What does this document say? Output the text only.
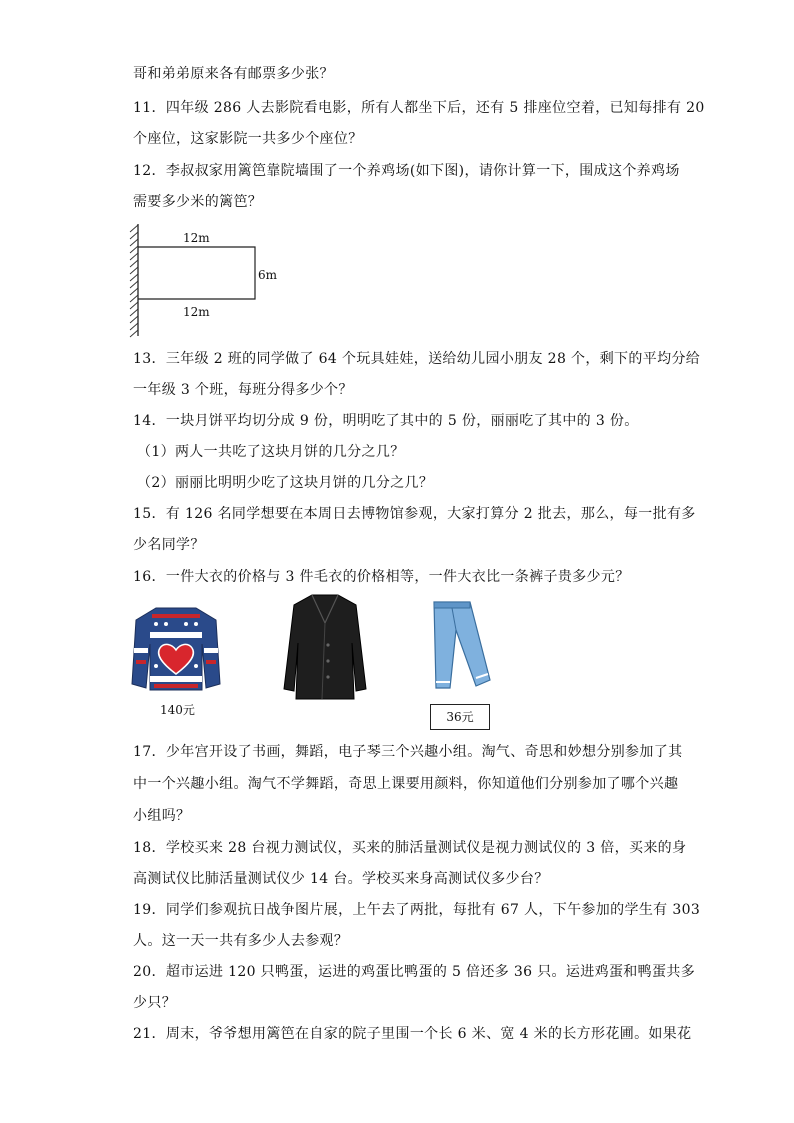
哥和弟弟原来各有邮票多少张？
11．四年级 286 人去影院看电影，所有人都坐下后，还有 5 排座位空着，已知每排有 20
个座位，这家影院一共多少个座位？
12．李叔叔家用篱笆靠院墙围了一个养鸡场(如下图)，请你计算一下，围成这个养鸡场
需要多少米的篱笆？
12m
6m
12m
13．三年级 2 班的同学做了 64 个玩具娃娃，送给幼儿园小朋友 28 个，剩下的平均分给
一年级 3 个班，每班分得多少个？
14．一块月饼平均切分成 9 份，明明吃了其中的 5 份，丽丽吃了其中的 3 份。
（1）两人一共吃了这块月饼的几分之几？
（2）丽丽比明明少吃了这块月饼的几分之几？
15．有 126 名同学想要在本周日去博物馆参观，大家打算分 2 批去，那么，每一批有多
少名同学？
16．一件大衣的价格与 3 件毛衣的价格相等，一件大衣比一条裤子贵多少元？
140元	36元
17．少年宫开设了书画，舞蹈，电子琴三个兴趣小组。淘气、奇思和妙想分别参加了其
中一个兴趣小组。淘气不学舞蹈，奇思上课要用颜料，你知道他们分别参加了哪个兴趣
小组吗？
18．学校买来 28 台视力测试仪，买来的肺活量测试仪是视力测试仪的 3 倍，买来的身
高测试仪比肺活量测试仪少 14 台。学校买来身高测试仪多少台？
19．同学们参观抗日战争图片展，上午去了两批，每批有 67 人，下午参加的学生有 303
人。这一天一共有多少人去参观？
20．超市运进 120 只鸭蛋，运进的鸡蛋比鸭蛋的 5 倍还多 36 只。运进鸡蛋和鸭蛋共多
少只？
21．周末，爷爷想用篱笆在自家的院子里围一个长 6 米、宽 4 米的长方形花圃。如果花
